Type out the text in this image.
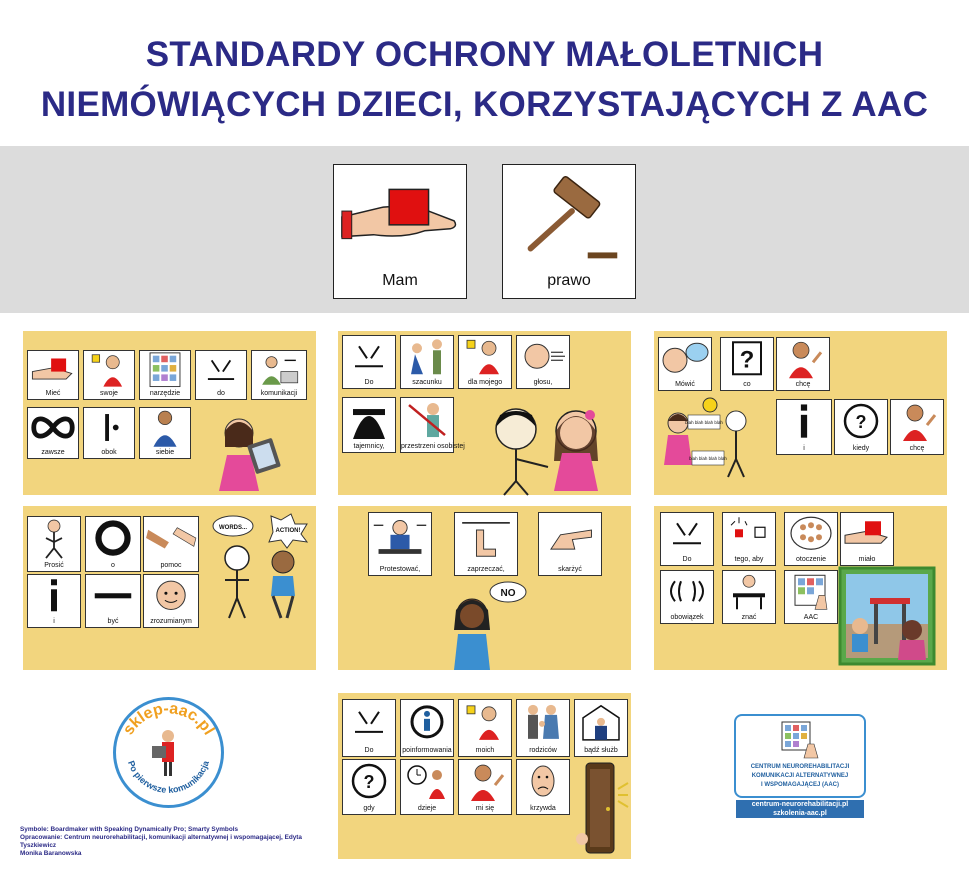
STANDARDY OCHRONY MAŁOLETNICH
NIEMÓWIĄCYCH DZIECI, KORZYSTAJĄCYCH Z AAC
Mam	prawo
Mieć	swoje	narzędzie	do	komunikacji
zawsze	obok	siebie
Do	szacunku	dla mojego	głosu,
tajemnicy,	przestrzeni osobistej
Mówić
?
co	chcę
i
?
kiedy	chcę
blah blah blah blah
blah blah blah blah
Prosić	o	pomoc
i	być	zrozumianym
WORDS...	ACTION!
Protestować,	zaprzeczać,	skarżyć
NO
Do	tego, aby	otoczenie	miało
obowiązek	znać	AAC
Do	poinformowania	moich	rodziców	bądź służb
?
gdy	dzieje	mi się	krzywda
sklep-aac.pl
Po pierwsze komunikacja
Symbole: Boardmaker with Speaking Dynamically Pro; Smarty Symbols
Opracowanie: Centrum neurorehabilitacji, komunikacji alternatywnej i wspomagającej, Edyta Tyszkiewicz
Monika Baranowska
CENTRUM NEUROREHABILITACJI
KOMUNIKACJI ALTERNATYWNEJ
I WSPOMAGAJĄCEJ (AAC)
centrum-neurorehabilitacji.pl
szkolenia-aac.pl
